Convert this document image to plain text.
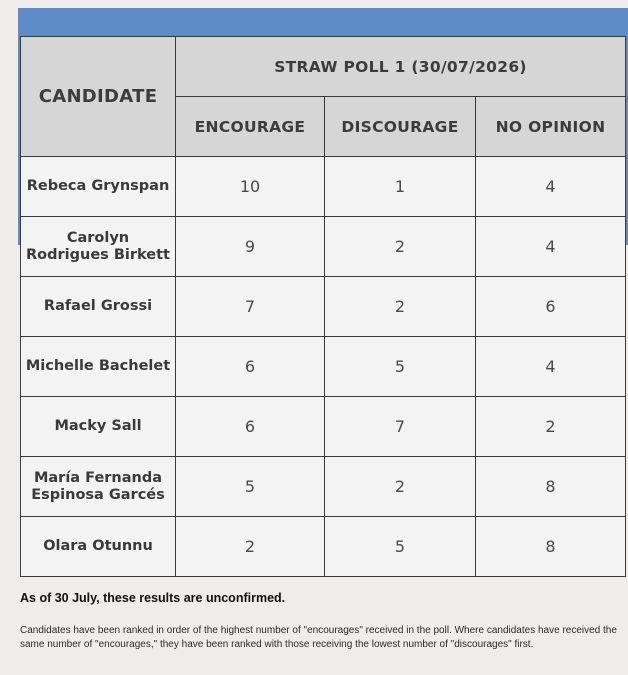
CANDIDATE	STRAW POLL 1 (30/07/2026)		
	ENCOURAGE	DISCOURAGE	NO OPINION
Rebeca Grynspan	10	1	4
Carolyn Rodrigues Birkett	9	2	4
Rafael Grossi	7	2	6
Michelle Bachelet	6	5	4
Macky Sall	6	7	2
María Fernanda Espinosa Garcés	5	2	8
Olara Otunnu	2	5	8
As of 30 July, these results are unconfirmed.
Candidates have been ranked in order of the highest number of "encourages" received in the poll. Where candidates have received the same number of "encourages," they have been ranked with those receiving the lowest number of "discourages" first.
